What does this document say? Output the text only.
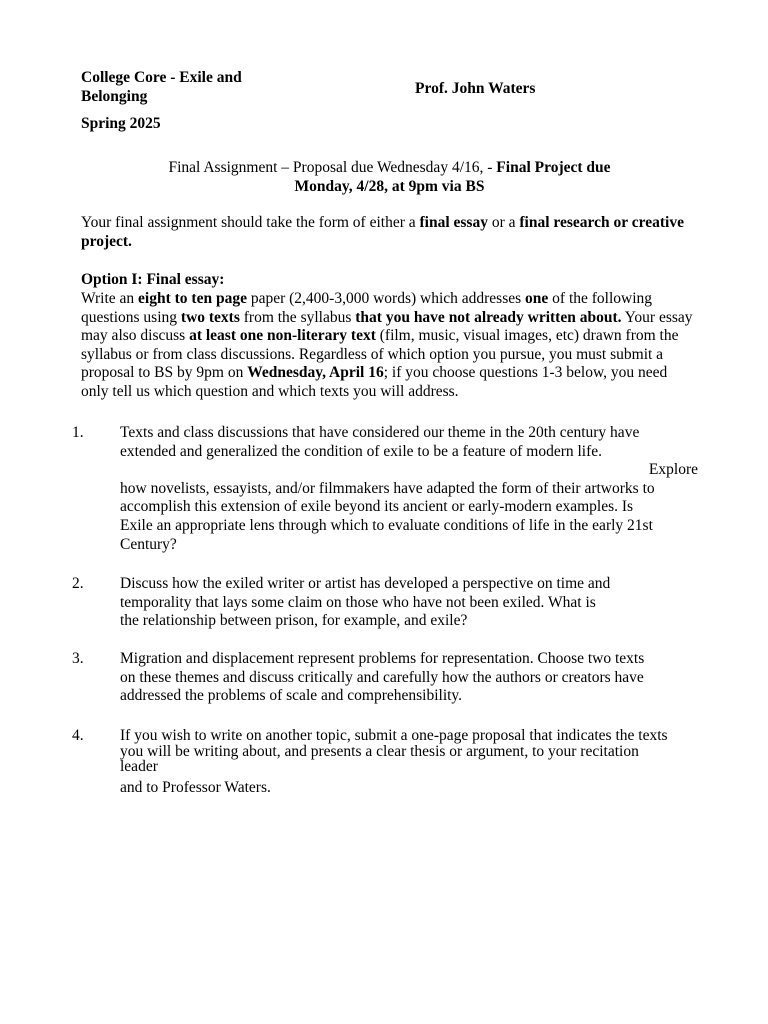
College Core - Exile and Belonging	Prof. John Waters
Spring 2025
Final Assignment – Proposal due Wednesday 4/16, - Final Project due
Monday, 4/28, at 9pm via BS
Your final assignment should take the form of either a final essay or a final research or creative project.
Option I: Final essay:
Write an eight to ten page paper (2,400-3,000 words) which addresses one of the following questions using two texts from the syllabus that you have not already written about. Your essay may also discuss at least one non-literary text (film, music, visual images, etc) drawn from the syllabus or from class discussions. Regardless of which option you pursue, you must submit a proposal to BS by 9pm on Wednesday, April 16; if you choose questions 1-3 below, you need only tell us which question and which texts you will address.
1. Texts and class discussions that have considered our theme in the 20th century have
extended and generalized the condition of exile to be a feature of modern life.
Explore
how novelists, essayists, and/or filmmakers have adapted the form of their artworks to
accomplish this extension of exile beyond its ancient or early-modern examples. Is
Exile an appropriate lens through which to evaluate conditions of life in the early 21st
Century?
2. Discuss how the exiled writer or artist has developed a perspective on time and
temporality that lays some claim on those who have not been exiled. What is
the relationship between prison, for example, and exile?
3. Migration and displacement represent problems for representation. Choose two texts
on these themes and discuss critically and carefully how the authors or creators have
addressed the problems of scale and comprehensibility.
4. If you wish to write on another topic, submit a one-page proposal that indicates the texts
you will be writing about, and presents a clear thesis or argument, to your recitation
leader
and to Professor Waters.
